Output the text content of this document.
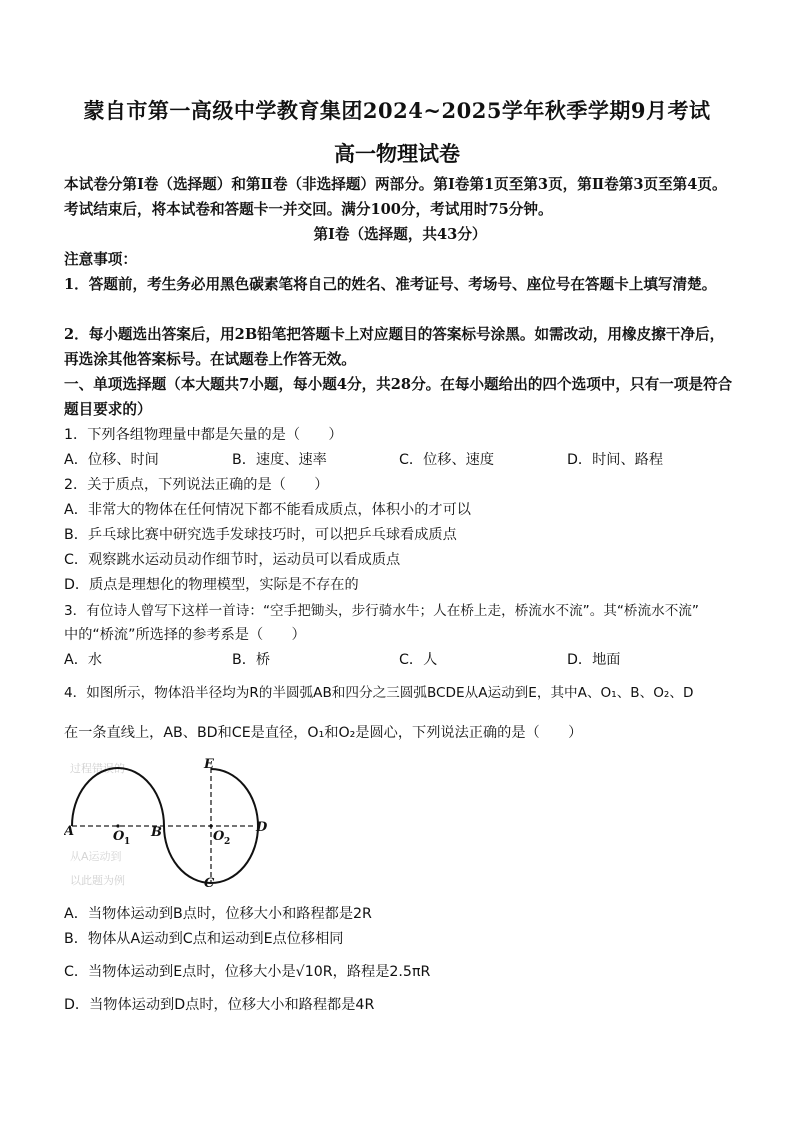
蒙自市第一高级中学教育集团2024~2025学年秋季学期9月考试
高一物理试卷
本试卷分第Ⅰ卷（选择题）和第Ⅱ卷（非选择题）两部分。第Ⅰ卷第1页至第3页，第Ⅱ卷第3页至第4页。考试结束后，将本试卷和答题卡一并交回。满分100分，考试用时75分钟。
第Ⅰ卷（选择题，共43分）
注意事项：
1．答题前，考生务必用黑色碳素笔将自己的姓名、准考证号、考场号、座位号在答题卡上填写清楚。
2．每小题选出答案后，用2B铅笔把答题卡上对应题目的答案标号涂黑。如需改动，用橡皮擦干净后，再选涂其他答案标号。在试题卷上作答无效。
一、单项选择题（本大题共7小题，每小题4分，共28分。在每小题给出的四个选项中，只有一项是符合题目要求的）
1．下列各组物理量中都是矢量的是（　　）
A．位移、时间	B．速度、速率	C．位移、速度	D．时间、路程
2．关于质点，下列说法正确的是（　　）
A．非常大的物体在任何情况下都不能看成质点，体积小的才可以
B．乒乓球比赛中研究选手发球技巧时，可以把乒乓球看成质点
C．观察跳水运动员动作细节时，运动员可以看成质点
D．质点是理想化的物理模型，实际是不存在的
3．有位诗人曾写下这样一首诗：“空手把锄头，步行骑水牛；人在桥上走，桥流水不流”。其“桥流水不流”
中的“桥流”所选择的参考系是（　　）
A．水	B．桥	C．人	D．地面
4．如图所示，物体沿半径均为R的半圆弧AB和四分之三圆弧BCDE从A运动到E，其中A、O₁、B、O₂、D
在一条直线上，AB、BD和CE是直径，O₁和O₂是圆心，下列说法正确的是（　　）
过程错误的
从A运动到
以此题为例
A	O 1
B	O 2
D
E
C
A．当物体运动到B点时，位移大小和路程都是2R
B．物体从A运动到C点和运动到E点位移相同
C．当物体运动到E点时，位移大小是√10R，路程是2.5πR
D．当物体运动到D点时，位移大小和路程都是4R
